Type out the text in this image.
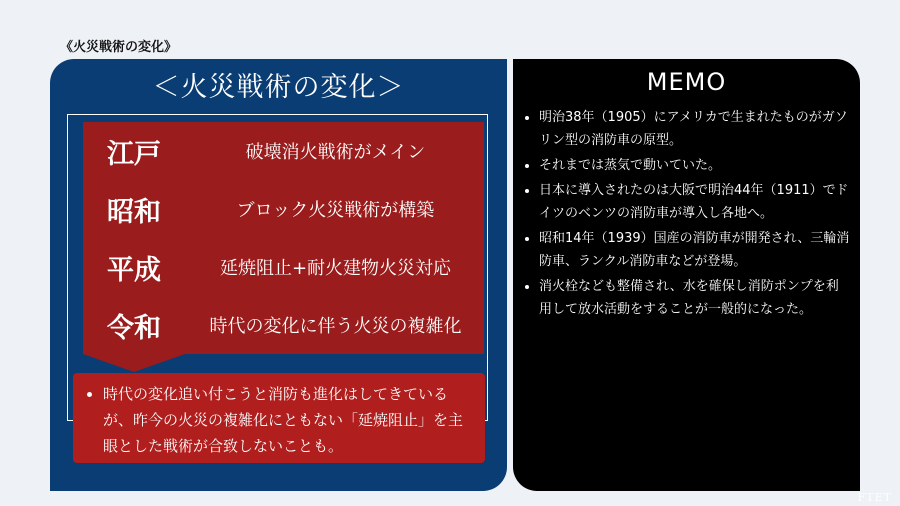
《火災戦術の変化》
＜火災戦術の変化＞
江戸	破壊消火戦術がメイン
昭和	ブロック火災戦術が構築
平成	延焼阻止+耐火建物火災対応
令和	時代の変化に伴う火災の複雑化
• 時代の変化追い付こうと消防も進化はしてきているが、昨今の火災の複雑化にともない「延焼阻止」を主眼とした戦術が合致しないことも。
MEMO
• 明治38年（1905）にアメリカで生まれたものがガソリン型の消防車の原型。
• それまでは蒸気で動いていた。
• 日本に導入されたのは大阪で明治44年（1911）でドイツのベンツの消防車が導入し各地へ。
• 昭和14年（1939）国産の消防車が開発され、三輪消防車、ランクル消防車などが登場。
• 消火栓なども整備され、水を確保し消防ポンプを利用して放水活動をすることが一般的になった。
FTET
